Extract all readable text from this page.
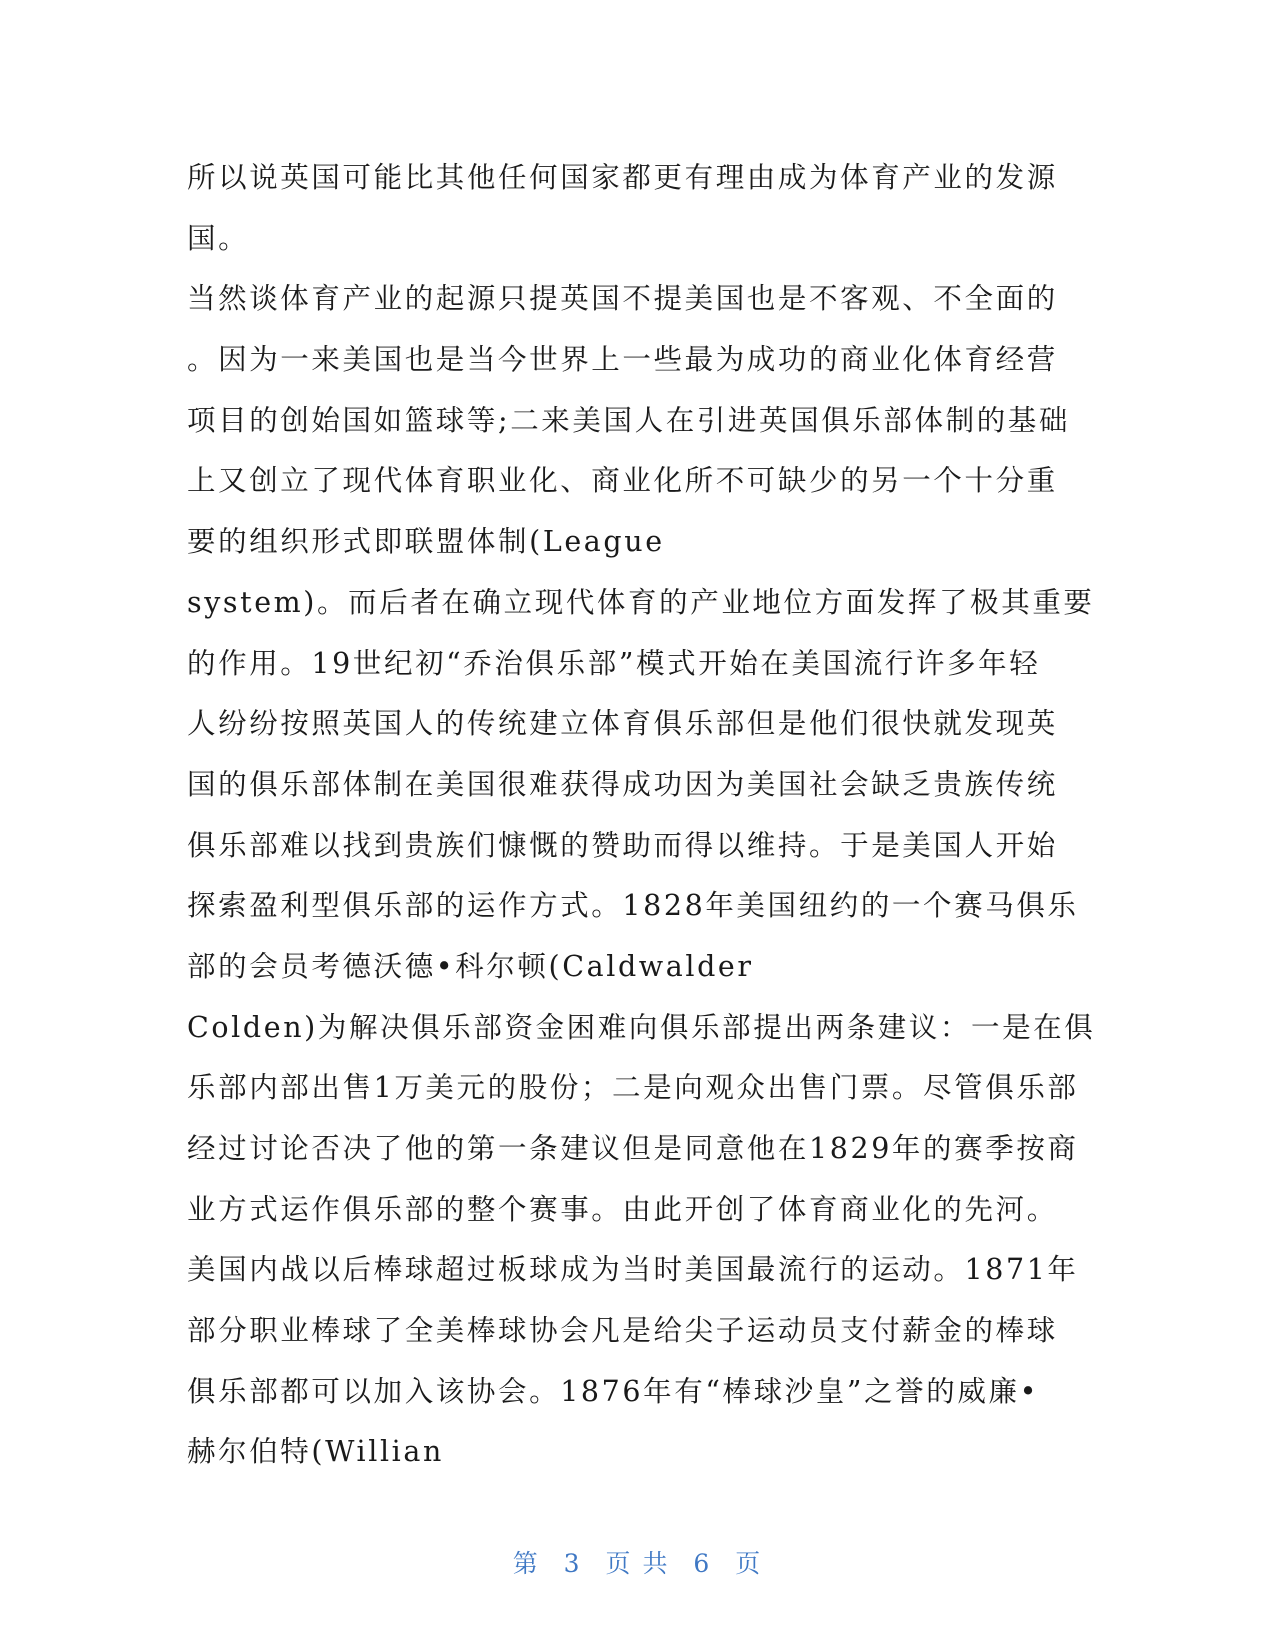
所以说英国可能比其他任何国家都更有理由成为体育产业的发源
国。
当然谈体育产业的起源只提英国不提美国也是不客观、不全面的
。因为一来美国也是当今世界上一些最为成功的商业化体育经营
项目的创始国如篮球等;二来美国人在引进英国俱乐部体制的基础
上又创立了现代体育职业化、商业化所不可缺少的另一个十分重
要的组织形式即联盟体制(League
system)。而后者在确立现代体育的产业地位方面发挥了极其重要
的作用。19世纪初“乔治俱乐部”模式开始在美国流行许多年轻
人纷纷按照英国人的传统建立体育俱乐部但是他们很快就发现英
国的俱乐部体制在美国很难获得成功因为美国社会缺乏贵族传统
俱乐部难以找到贵族们慷慨的赞助而得以维持。于是美国人开始
探索盈利型俱乐部的运作方式。1828年美国纽约的一个赛马俱乐
部的会员考德沃德•科尔顿(Caldwalder
Colden)为解决俱乐部资金困难向俱乐部提出两条建议：一是在俱
乐部内部出售1万美元的股份；二是向观众出售门票。尽管俱乐部
经过讨论否决了他的第一条建议但是同意他在1829年的赛季按商
业方式运作俱乐部的整个赛事。由此开创了体育商业化的先河。
美国内战以后棒球超过板球成为当时美国最流行的运动。1871年
部分职业棒球了全美棒球协会凡是给尖子运动员支付薪金的棒球
俱乐部都可以加入该协会。1876年有“棒球沙皇”之誉的威廉•
赫尔伯特(Willian
第 3 页 共 6 页
